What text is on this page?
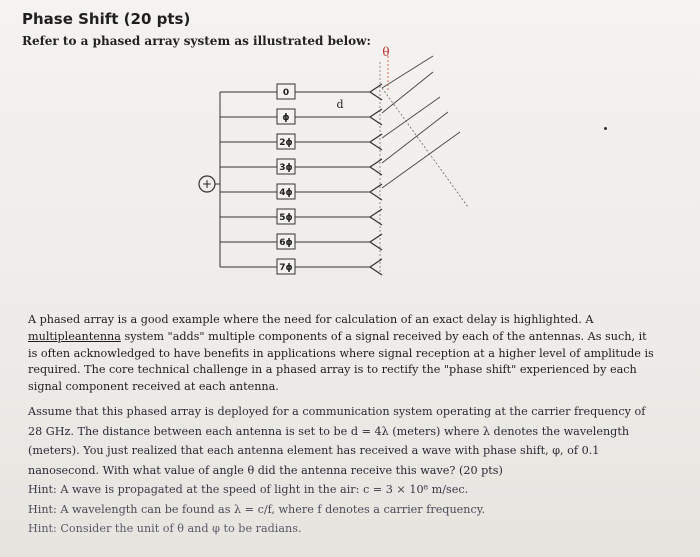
Phase Shift (20 pts)
Refer to a phased array system as illustrated below:
+
0
ϕ
2ϕ
3ϕ
4ϕ
5ϕ
6ϕ
7ϕ
d
θ
A phased array is a good example where the need for calculation of an exact delay is highlighted. A multipleantenna system "adds" multiple components of a signal received by each of the antennas. As such, it is often acknowledged to have benefits in applications where signal reception at a higher level of amplitude is required. The core technical challenge in a phased array is to rectify the "phase shift" experienced by each signal component received at each antenna.
Assume that this phased array is deployed for a communication system operating at the carrier frequency of 28 GHz. The distance between each antenna is set to be d = 4λ (meters) where λ denotes the wavelength (meters). You just realized that each antenna element has received a wave with phase shift, φ, of 0.1 nanosecond. With what value of angle θ did the antenna receive this wave? (20 pts)
Hint: A wave is propagated at the speed of light in the air: c = 3 × 10⁸ m/sec.
Hint: A wavelength can be found as λ = c/f, where f denotes a carrier frequency.
Hint: Consider the unit of θ and φ to be radians.
